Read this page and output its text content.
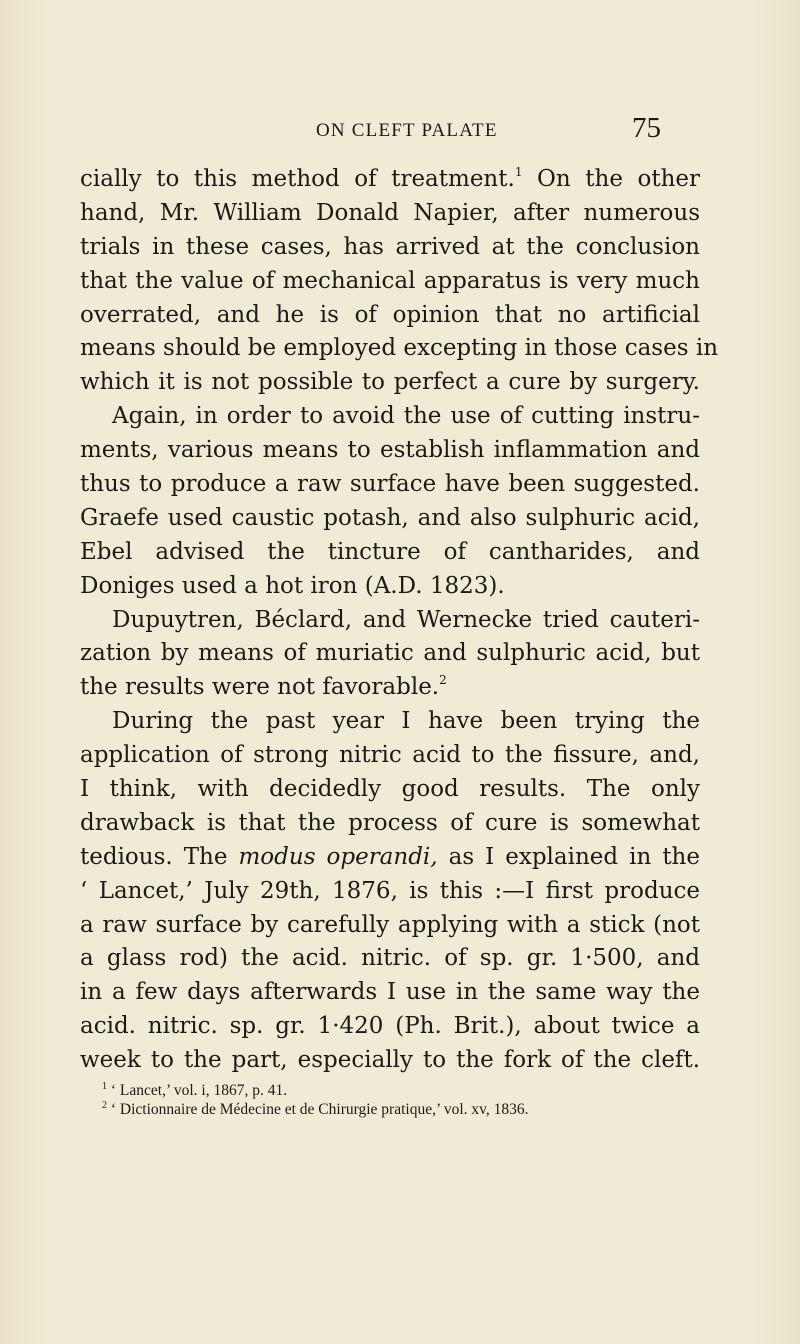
ON CLEFT PALATE	75
cially to this method of treatment.$^1$ On the other
hand, Mr. William Donald Napier, after numerous
trials in these cases, has arrived at the conclusion
that the value of mechanical apparatus is very much
overrated, and he is of opinion that no artificial
means should be employed excepting in those cases in
which it is not possible to perfect a cure by surgery.
Again, in order to avoid the use of cutting instru-
ments, various means to establish inflammation and
thus to produce a raw surface have been suggested.
Graefe used caustic potash, and also sulphuric acid,
Ebel advised the tincture of cantharides, and
Doniges used a hot iron (A.D. 1823).
Dupuytren, Béclard, and Wernecke tried cauteri-
zation by means of muriatic and sulphuric acid, but
the results were not favorable.$^2$
During the past year I have been trying the
application of strong nitric acid to the fissure, and,
I think, with decidedly good results. The only
drawback is that the process of cure is somewhat
tedious. The modus operandi, as I explained in the
‘ Lancet,’ July 29th, 1876, is this :—I first produce
a raw surface by carefully applying with a stick (not
a glass rod) the acid. nitric. of sp. gr. 1·500, and
in a few days afterwards I use in the same way the
acid. nitric. sp. gr. 1·420 (Ph. Brit.), about twice a
week to the part, especially to the fork of the cleft.
$^1$ ‘ Lancet,’ vol. i, 1867, p. 41.
$^2$ ‘ Dictionnaire de Médecine et de Chirurgie pratique,’ vol. xv, 1836.
